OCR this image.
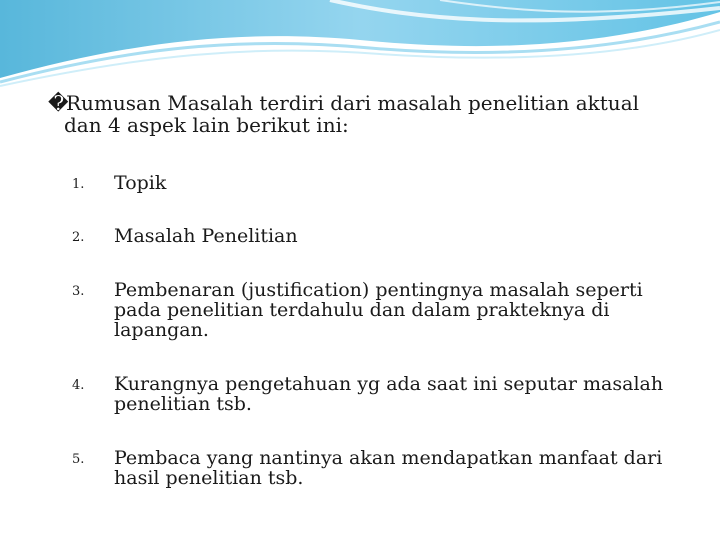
�Rumusan Masalah terdiri dari masalah penelitian aktual
dan 4 aspek lain berikut ini:

1. Topik
2. Masalah Penelitian
3. Pembenaran (justification) pentingnya masalah seperti
pada penelitian terdahulu dan dalam prakteknya di
lapangan.
4. Kurangnya pengetahuan yg ada saat ini seputar masalah
penelitian tsb.
5. Pembaca yang nantinya akan mendapatkan manfaat dari
hasil penelitian tsb.
